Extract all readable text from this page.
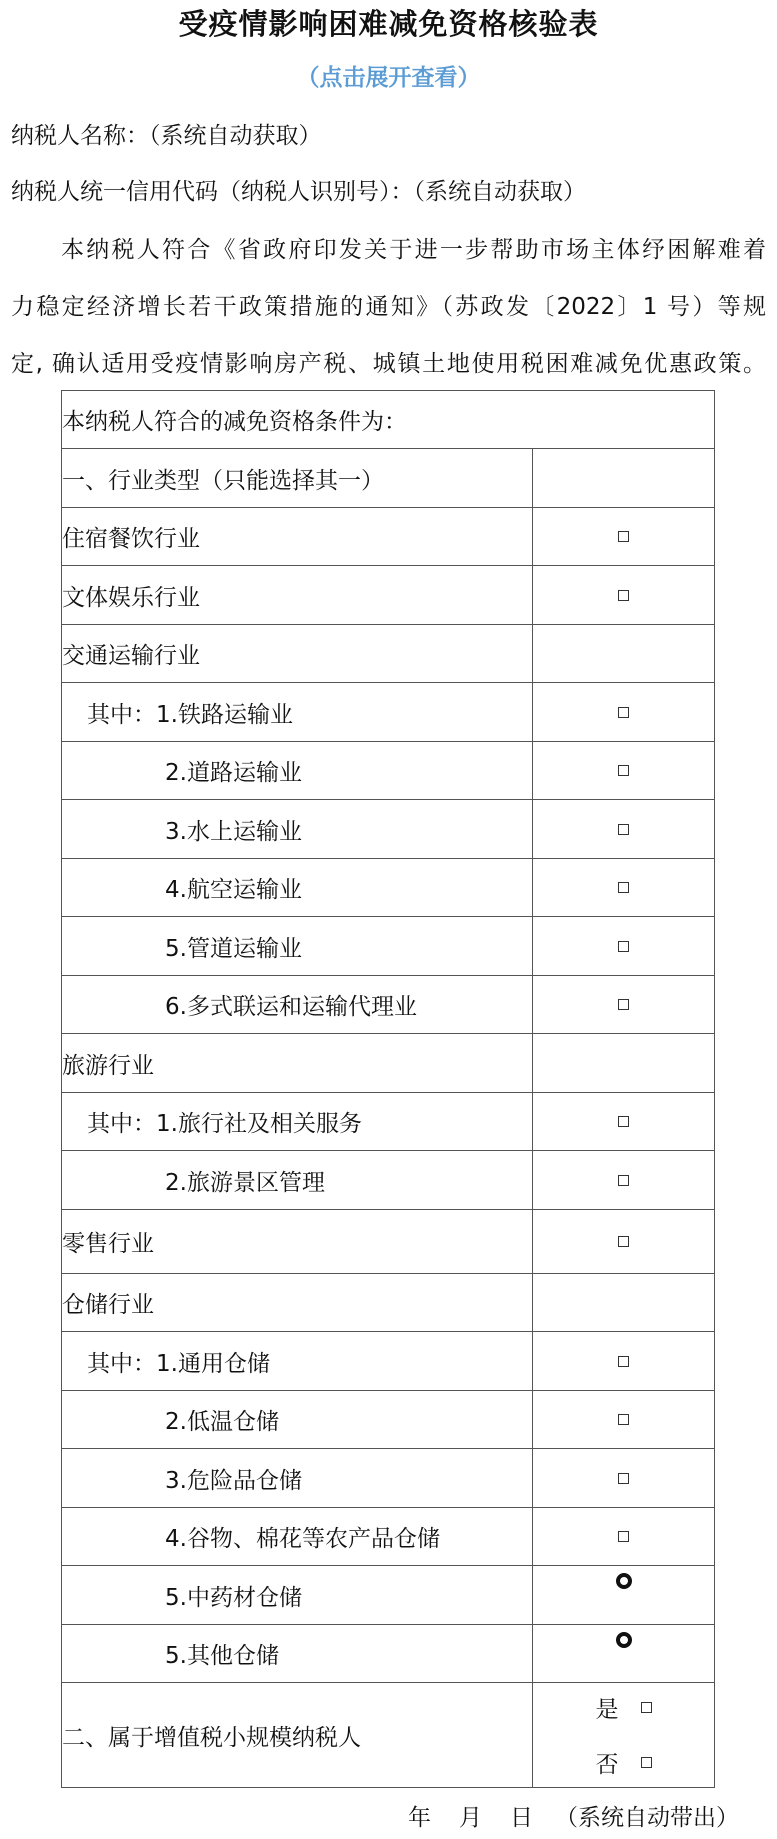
受疫情影响困难减免资格核验表
（点击展开查看）
纳税人名称：（系统自动获取）
纳税人统一信用代码（纳税人识别号）：（系统自动获取）
本纳税人符合《省政府印发关于进一步帮助市场主体纾困解难着
力稳定经济增长若干政策措施的通知》（苏政发〔2022〕1 号）等规
定, 确认适用受疫情影响房产税、城镇土地使用税困难减免优惠政策。
本纳税人符合的减免资格条件为：
一、行业类型（只能选择其一）
住宿餐饮行业
文体娱乐行业
交通运输行业
其中： 1.铁路运输业
2.道路运输业
3.水上运输业
4.航空运输业
5.管道运输业
6.多式联运和运输代理业
旅游行业
其中： 1.旅行社及相关服务
2.旅游景区管理
零售行业
仓储行业
其中： 1.通用仓储
2.低温仓储
3.危险品仓储
4.谷物、棉花等农产品仓储
5.中药材仓储
5.其他仓储
二、属于增值税小规模纳税人
是
否
年 月 日 （系统自动带出）
